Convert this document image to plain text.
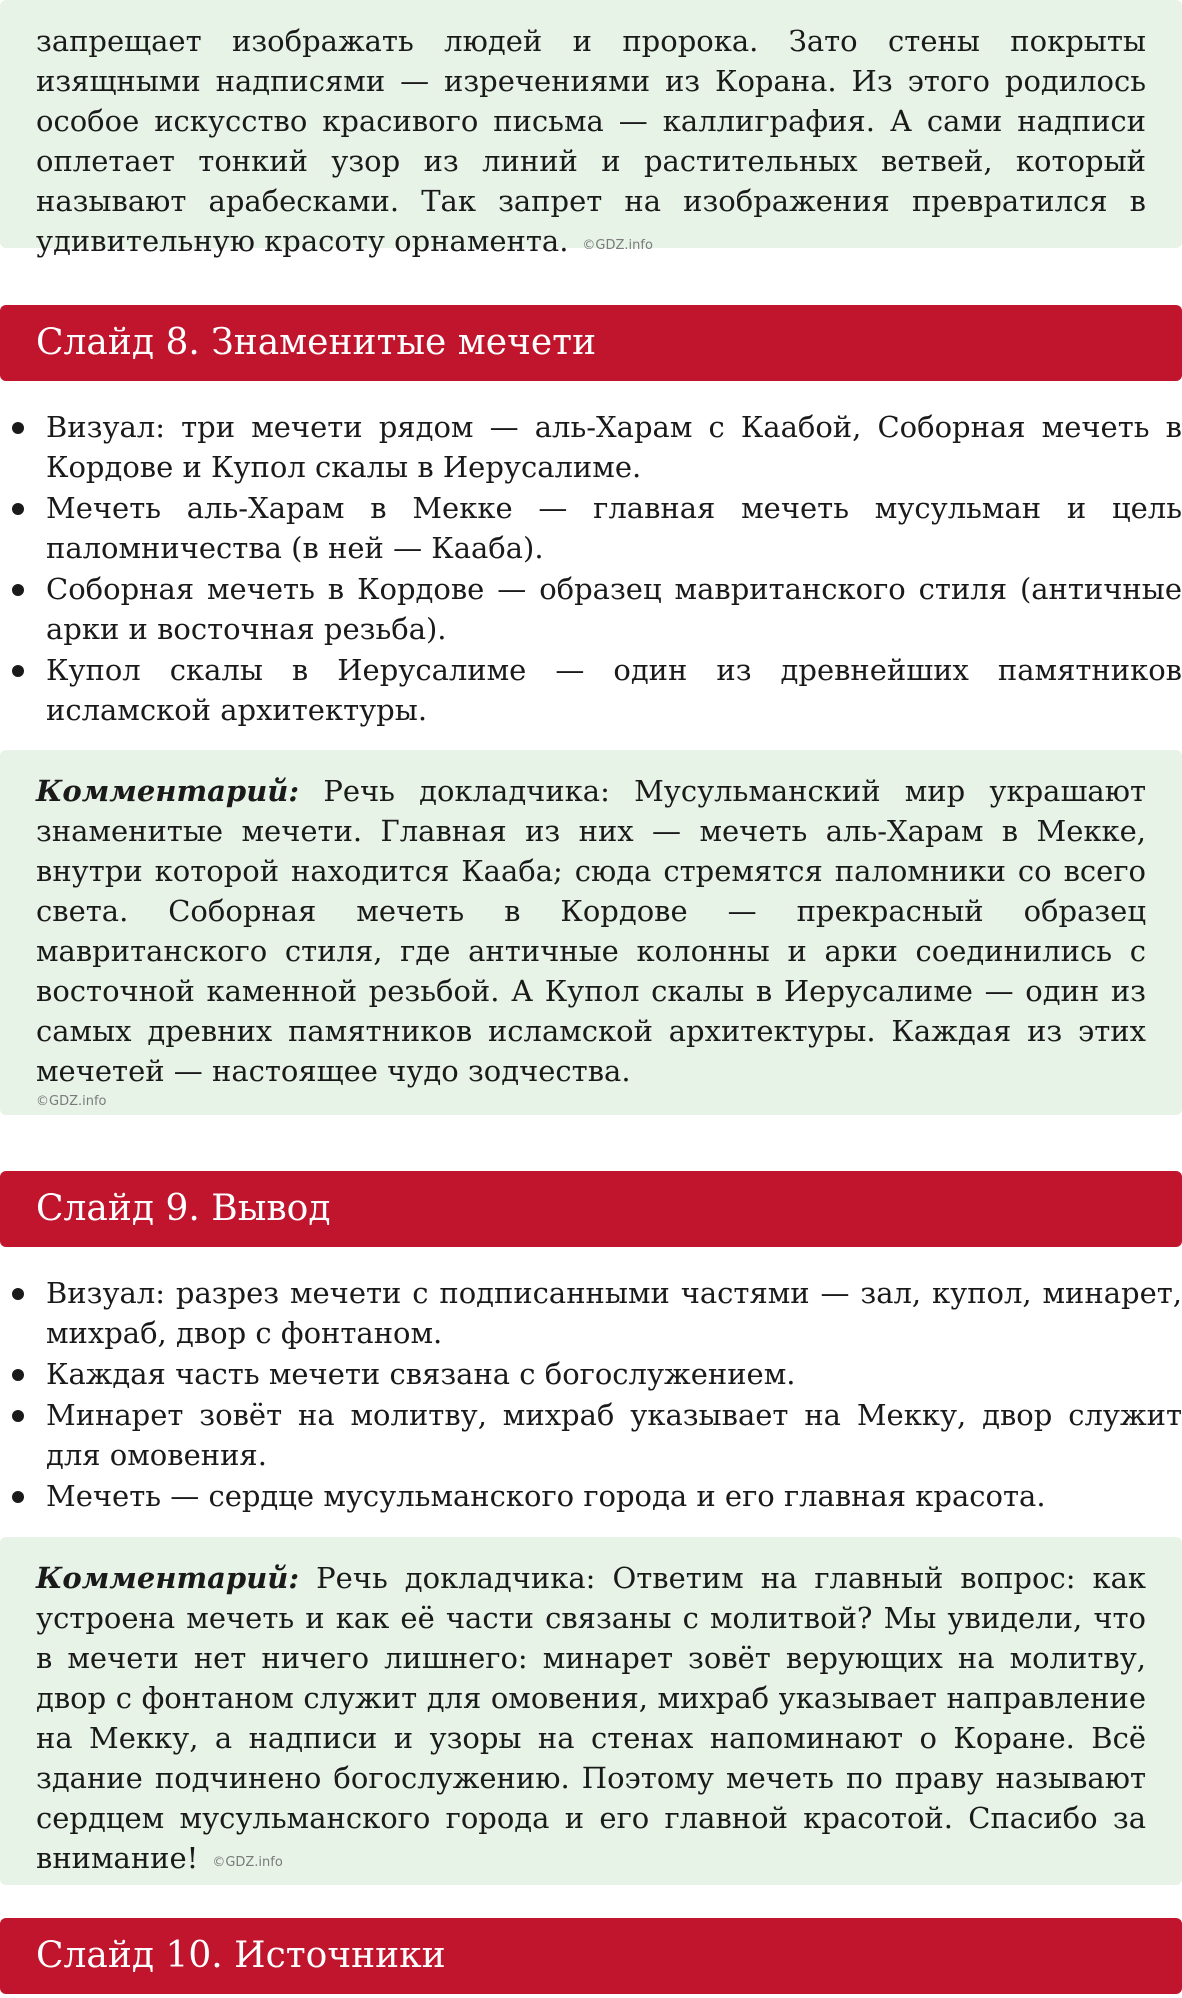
запрещает изображать людей и пророка. Зато стены покрыты изящными надписями — изречениями из Корана. Из этого родилось особое искусство красивого письма — каллиграфия. А сами надписи оплетает тонкий узор из линий и растительных ветвей, который называют арабесками. Так запрет на изображения превратился в удивительную красоту орнамента. ©GDZ.info

Слайд 8. Знаменитые мечети
Визуал: три мечети рядом — аль-Харам с Каабой, Соборная мечеть в Кордове и Купол скалы в Иерусалиме.
Мечеть аль-Харам в Мекке — главная мечеть мусульман и цель паломничества (в ней — Кааба).
Соборная мечеть в Кордове — образец мавританского стиля (античные арки и восточная резьба).
Купол скалы в Иерусалиме — один из древнейших памятников исламской архитектуры.

Комментарий: Речь докладчика: Мусульманский мир украшают знаменитые мечети. Главная из них — мечеть аль-Харам в Мекке, внутри которой находится Кааба; сюда стремятся паломники со всего света. Соборная мечеть в Кордове — прекрасный образец мавританского стиля, где античные колонны и арки соединились с восточной каменной резьбой. А Купол скалы в Иерусалиме — один из самых древних памятников исламской архитектуры. Каждая из этих мечетей — настоящее чудо зодчества.

©GDZ.info
Слайд 9. Вывод
Визуал: разрез мечети с подписанными частями — зал, купол, минарет, михраб, двор с фонтаном.
Каждая часть мечети связана с богослужением.
Минарет зовёт на молитву, михраб указывает на Мекку, двор служит для омовения.
Мечеть — сердце мусульманского города и его главная красота.

Комментарий: Речь докладчика: Ответим на главный вопрос: как устроена мечеть и как её части связаны с молитвой? Мы увидели, что в мечети нет ничего лишнего: минарет зовёт верующих на молитву, двор с фонтаном служит для омовения, михраб указывает направление на Мекку, а надписи и узоры на стенах напоминают о Коране. Всё здание подчинено богослужению. Поэтому мечеть по праву называют сердцем мусульманского города и его главной красотой. Спасибо за внимание! ©GDZ.info

Слайд 10. Источники
